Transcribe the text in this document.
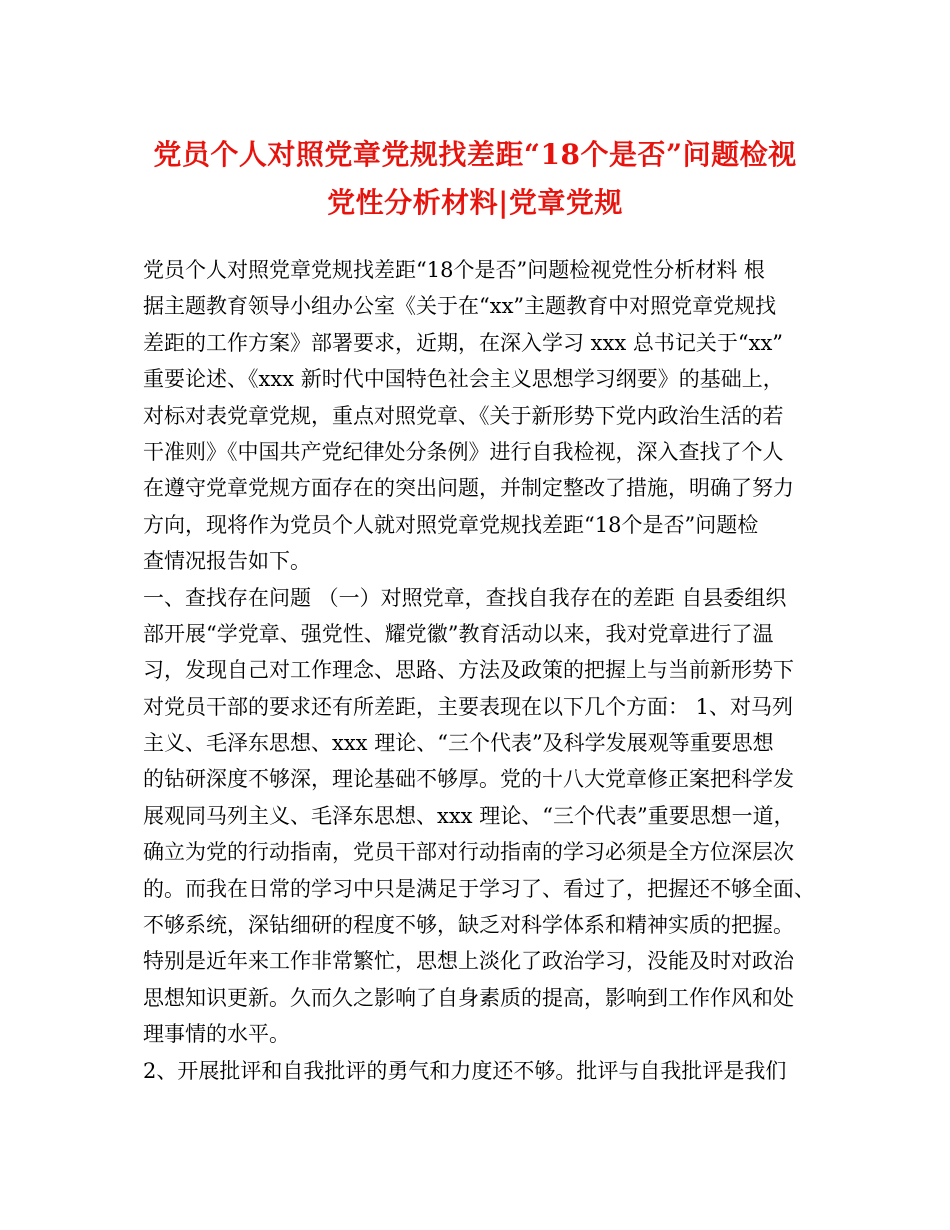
党员个人对照党章党规找差距“18个是否”问题检视
党性分析材料|党章党规
党员个人对照党章党规找差距“18个是否”问题检视党性分析材料 根
据主题教育领导小组办公室《关于在“xx”主题教育中对照党章党规找
差距的工作方案》部署要求，近期，在深入学习 xxx 总书记关于“xx”
重要论述、《xxx 新时代中国特色社会主义思想学习纲要》的基础上，
对标对表党章党规，重点对照党章、《关于新形势下党内政治生活的若
干准则》《中国共产党纪律处分条例》进行自我检视，深入查找了个人
在遵守党章党规方面存在的突出问题，并制定整改了措施，明确了努力
方向，现将作为党员个人就对照党章党规找差距“18个是否”问题检
查情况报告如下。
一、查找存在问题 （一）对照党章，查找自我存在的差距 自县委组织
部开展“学党章、强党性、耀党徽”教育活动以来，我对党章进行了温
习，发现自己对工作理念、思路、方法及政策的把握上与当前新形势下
对党员干部的要求还有所差距，主要表现在以下几个方面： 1、对马列
主义、毛泽东思想、xxx 理论、“三个代表”及科学发展观等重要思想
的钻研深度不够深，理论基础不够厚。党的十八大党章修正案把科学发
展观同马列主义、毛泽东思想、xxx 理论、“三个代表”重要思想一道，
确立为党的行动指南，党员干部对行动指南的学习必须是全方位深层次
的。而我在日常的学习中只是满足于学习了、看过了，把握还不够全面、
不够系统，深钻细研的程度不够，缺乏对科学体系和精神实质的把握。
特别是近年来工作非常繁忙，思想上淡化了政治学习，没能及时对政治
思想知识更新。久而久之影响了自身素质的提高，影响到工作作风和处
理事情的水平。
2、开展批评和自我批评的勇气和力度还不够。批评与自我批评是我们
